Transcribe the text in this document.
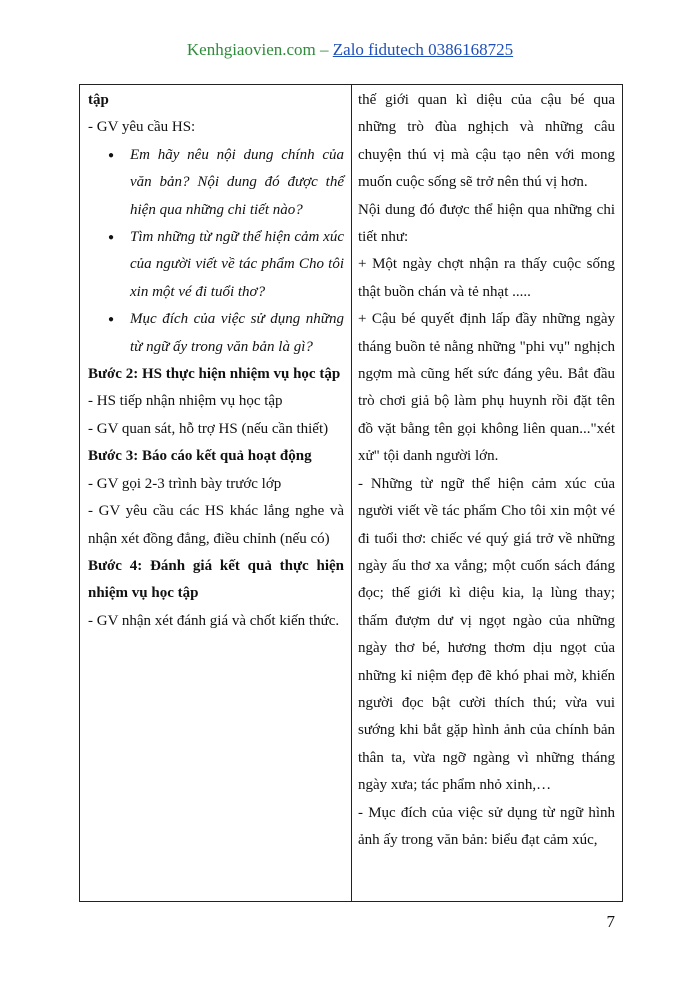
Kenhgiaovien.com – Zalo fidutech 0386168725
tập
- GV yêu cầu HS:
● Em hãy nêu nội dung chính của văn bản? Nội dung đó được thể hiện qua những chi tiết nào?
● Tìm những từ ngữ thể hiện cảm xúc của người viết về tác phẩm Cho tôi xin một vé đi tuổi thơ?
● Mục đích của việc sử dụng những từ ngữ ấy trong văn bản là gì?
Bước 2: HS thực hiện nhiệm vụ học tập
- HS tiếp nhận nhiệm vụ học tập
- GV quan sát, hỗ trợ HS (nếu cần thiết)
Bước 3: Báo cáo kết quả hoạt động
- GV gọi 2-3 trình bày trước lớp
- GV yêu cầu các HS khác lắng nghe và nhận xét đồng đẳng, điều chỉnh (nếu có)
Bước 4: Đánh giá kết quả thực hiện nhiệm vụ học tập
- GV nhận xét đánh giá và chốt kiến thức.
thế giới quan kì diệu của cậu bé qua những trò đùa nghịch và những câu chuyện thú vị mà cậu tạo nên với mong muốn cuộc sống sẽ trở nên thú vị hơn.
Nội dung đó được thể hiện qua những chi tiết như:
+ Một ngày chợt nhận ra thấy cuộc sống thật buồn chán và tẻ nhạt .....
+ Cậu bé quyết định lấp đầy những ngày tháng buồn tẻ nằng những "phi vụ" nghịch ngợm mà cũng hết sức đáng yêu. Bắt đầu trò chơi giả bộ làm phụ huynh rồi đặt tên đồ vặt bằng tên gọi không liên quan..."xét xử" tội danh người lớn.
- Những từ ngữ thể hiện cảm xúc của người viết về tác phẩm Cho tôi xin một vé đi tuổi thơ: chiếc vé quý giá trở về những ngày ấu thơ xa vắng; một cuốn sách đáng đọc; thế giới kì diệu kia, lạ lùng thay; thấm đượm dư vị ngọt ngào của những ngày thơ bé, hương thơm dịu ngọt của những kỉ niệm đẹp đẽ khó phai mờ, khiến người đọc bật cười thích thú; vừa vui sướng khi bắt gặp hình ảnh của chính bản thân ta, vừa ngỡ ngàng vì những tháng ngày xưa; tác phẩm nhỏ xinh,…
- Mục đích của việc sử dụng từ ngữ hình ảnh ấy trong văn bản: biểu đạt cảm xúc,
7
